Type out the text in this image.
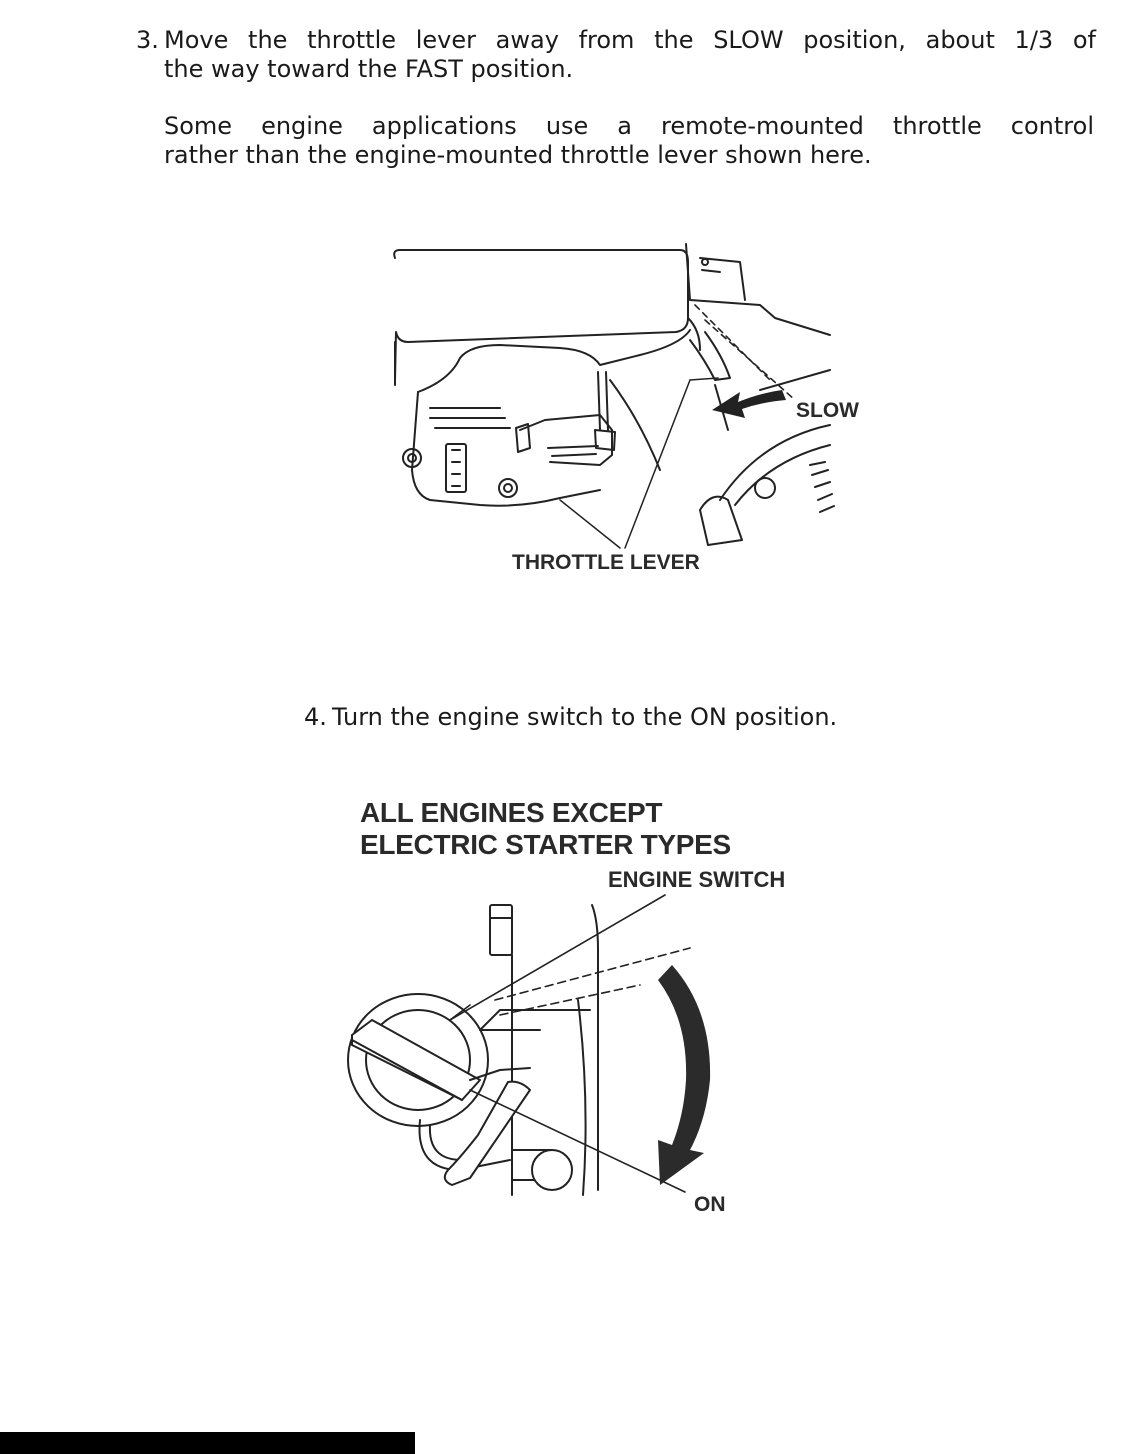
3. Move the throttle lever away from the SLOW position, about 1/3 of
the way toward the FAST position.
Some engine applications use a remote-mounted throttle control
rather than the engine-mounted throttle lever shown here.
SLOW
THROTTLE LEVER
4. Turn the engine switch to the ON position.
ALL ENGINES EXCEPT
ELECTRIC STARTER TYPES
ENGINE SWITCH
ON
